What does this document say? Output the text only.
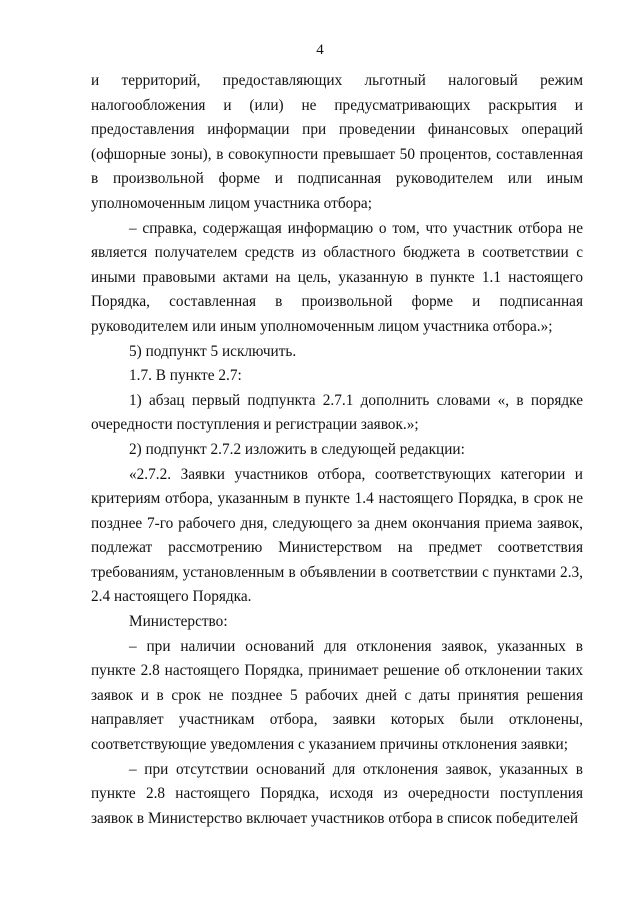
4

и территорий, предоставляющих льготный налоговый режим налогообложения и (или) не предусматривающих раскрытия и предоставления информации при проведении финансовых операций (офшорные зоны), в совокупности превышает 50 процентов, составленная в произвольной форме и подписанная руководителем или иным уполномоченным лицом участника отбора;

– справка, содержащая информацию о том, что участник отбора не является получателем средств из областного бюджета в соответствии с иными правовыми актами на цель, указанную в пункте 1.1 настоящего Порядка, составленная в произвольной форме и подписанная руководителем или иным уполномоченным лицом участника отбора.»;

5) подпункт 5 исключить.

1.7. В пункте 2.7:

1) абзац первый подпункта 2.7.1 дополнить словами «, в порядке очередности поступления и регистрации заявок.»;

2) подпункт 2.7.2 изложить в следующей редакции:

«2.7.2. Заявки участников отбора, соответствующих категории и критериям отбора, указанным в пункте 1.4 настоящего Порядка, в срок не позднее 7-го рабочего дня, следующего за днем окончания приема заявок, подлежат рассмотрению Министерством на предмет соответствия требованиям, установленным в объявлении в соответствии с пунктами 2.3, 2.4 настоящего Порядка.

Министерство:

– при наличии оснований для отклонения заявок, указанных в пункте 2.8 настоящего Порядка, принимает решение об отклонении таких заявок и в срок не позднее 5 рабочих дней с даты принятия решения направляет участникам отбора, заявки которых были отклонены, соответствующие уведомления с указанием причины отклонения заявки;

– при отсутствии оснований для отклонения заявок, указанных в пункте 2.8 настоящего Порядка, исходя из очередности поступления заявок в Министерство включает участников отбора в список победителей
